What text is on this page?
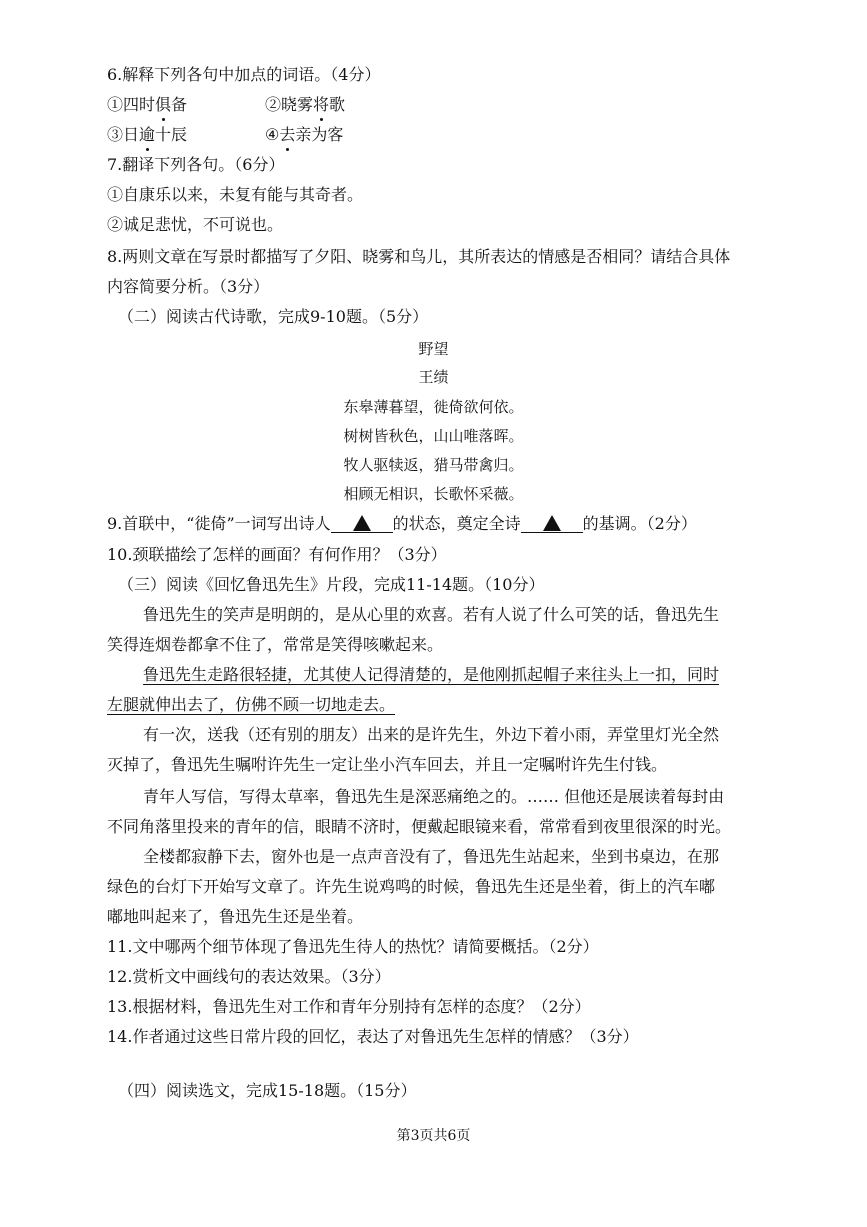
6.解释下列各句中加点的词语。（4分）
①四时俱备	②晓雾将歌
③日逾十辰	④去亲为客
7.翻译下列各句。（6分）
①自康乐以来，未复有能与其奇者。
②诚足悲忧，不可说也。
8.两则文章在写景时都描写了夕阳、晓雾和鸟儿，其所表达的情感是否相同？请结合具体
内容简要分析。（3分）
（二）阅读古代诗歌，完成9-10题。（5分）
野望
王绩
东皋薄暮望，徙倚欲何依。
树树皆秋色，山山唯落晖。
牧人驱犊返，猎马带禽归。
相顾无相识，长歌怀采薇。
9.首联中，“徙倚”一词写出诗人	的状态，奠定全诗	的基调。（2分）
10.颈联描绘了怎样的画面？有何作用？（3分）
（三）阅读《回忆鲁迅先生》片段，完成11-14题。（10分）
鲁迅先生的笑声是明朗的，是从心里的欢喜。若有人说了什么可笑的话，鲁迅先生
笑得连烟卷都拿不住了，常常是笑得咳嗽起来。
鲁迅先生走路很轻捷，尤其使人记得清楚的，是他刚抓起帽子来往头上一扣，同时
左腿就伸出去了，仿佛不顾一切地走去。
有一次，送我（还有别的朋友）出来的是许先生，外边下着小雨，弄堂里灯光全然
灭掉了，鲁迅先生嘱咐许先生一定让坐小汽车回去，并且一定嘱咐许先生付钱。
青年人写信，写得太草率，鲁迅先生是深恶痛绝之的。…… 但他还是展读着每封由
不同角落里投来的青年的信，眼睛不济时，便戴起眼镜来看，常常看到夜里很深的时光。
全楼都寂静下去，窗外也是一点声音没有了，鲁迅先生站起来，坐到书桌边，在那
绿色的台灯下开始写文章了。许先生说鸡鸣的时候，鲁迅先生还是坐着，街上的汽车嘟
嘟地叫起来了，鲁迅先生还是坐着。
11.文中哪两个细节体现了鲁迅先生待人的热忱？请简要概括。（2分）
12.赏析文中画线句的表达效果。（3分）
13.根据材料，鲁迅先生对工作和青年分别持有怎样的态度？（2分）
14.作者通过这些日常片段的回忆，表达了对鲁迅先生怎样的情感？（3分）
（四）阅读选文，完成15-18题。（15分）
第3页共6页
